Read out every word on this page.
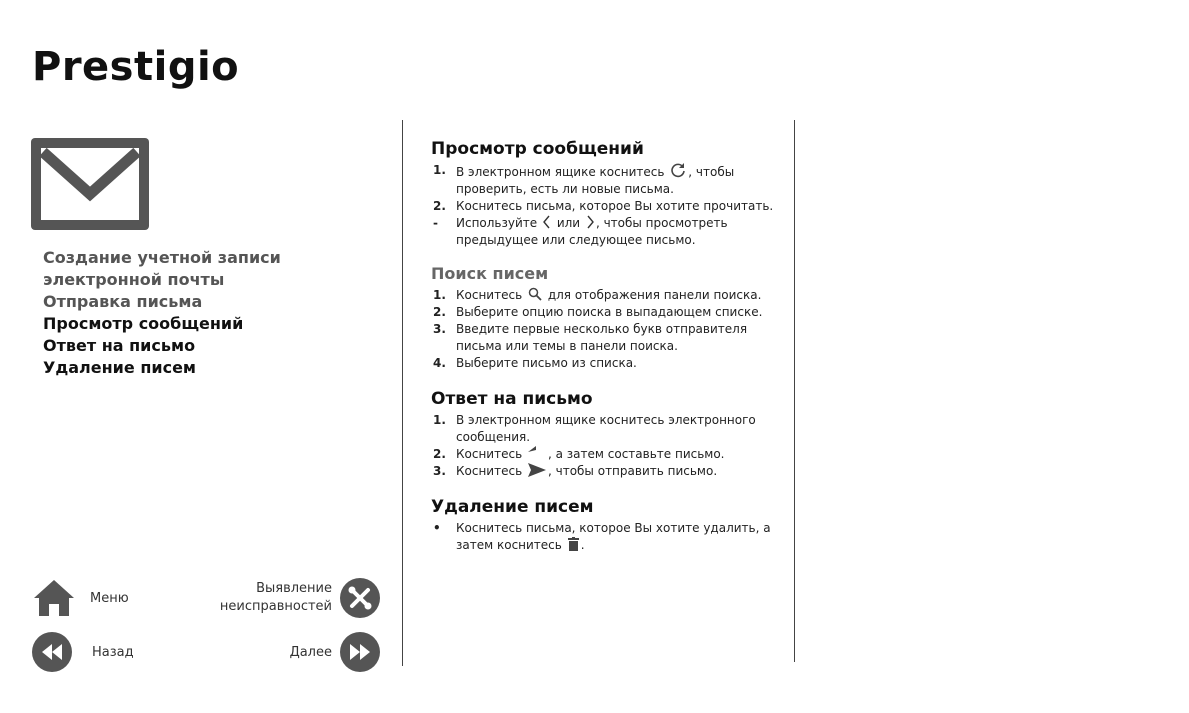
Prestigio
Создание учетной записи
электронной почты
Отправка письма
Просмотр сообщений
Ответ на письмо
Удаление писем
Меню
Выявление
неисправностей
Назад	Далее
Просмотр сообщений
1. В электронном ящике коснитесь , чтобы проверить, есть ли новые письма.
2. Коснитесь письма, которое Вы хотите прочитать.
- Используйте или , чтобы просмотреть предыдущее или следующее письмо.
Поиск писем
1. Коснитесь для отображения панели поиска.
2. Выберите опцию поиска в выпадающем списке.
3. Введите первые несколько букв отправителя письма или темы в панели поиска.
4. Выберите письмо из списка.
Ответ на письмо
1. В электронном ящике коснитесь электронного сообщения.
2. Коснитесь , а затем составьте письмо.
3. Коснитесь , чтобы отправить письмо.
Удаление писем
• Коснитесь письма, которое Вы хотите удалить, а затем коснитесь .
